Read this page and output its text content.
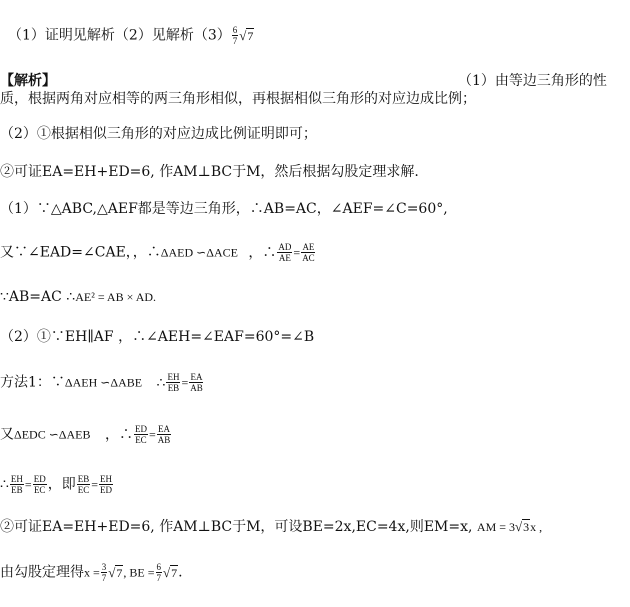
（1）证明见解析（2）见解析$(3) \frac{6}{7} √7$
【解析】	（1）由等边三角形的性
质，根据两角对应相等的两三角形相似，再根据相似三角形的对应边成比例；
（2）①根据相似三角形的对应边成比例证明即可；
②可证EA=EH+ED=6, 作AM⊥BC于M，然后根据勾股定理求解.
（1）∵△ABC,△AEF都是等边三角形，∴AB=AC，∠AEF=∠C=60°,
又∵∠EAD=∠CAE，，∴ΔAED ∽ΔACE ，∴ $\frac{AD}{AE} = \frac{AE}{AC}$
∵AB=AC ∴AE² = AB × AD.
（2）①∵EH∥AF ，∴∠AEH=∠EAF=60°=∠B
方法1：∵ΔAEH ∽ΔABE ∴ $\frac{EH}{EB} = \frac{EA}{AB}$
又ΔEDC ∽ΔAEB ，∴ $\frac{ED}{EC} = \frac{EA}{AB}$
∴ $\frac{EH}{EB} = \frac{ED}{EC}$ ，即 $\frac{EB}{EC} = \frac{EH}{ED}$
②可证EA=EH+ED=6, 作AM⊥BC于M，可设BE=2x,EC=4x,则EM=x, AM = 3√3x ,
由勾股定理得$x = \frac{3}{7} √7$, BE = $\frac{6}{7} √7$.
